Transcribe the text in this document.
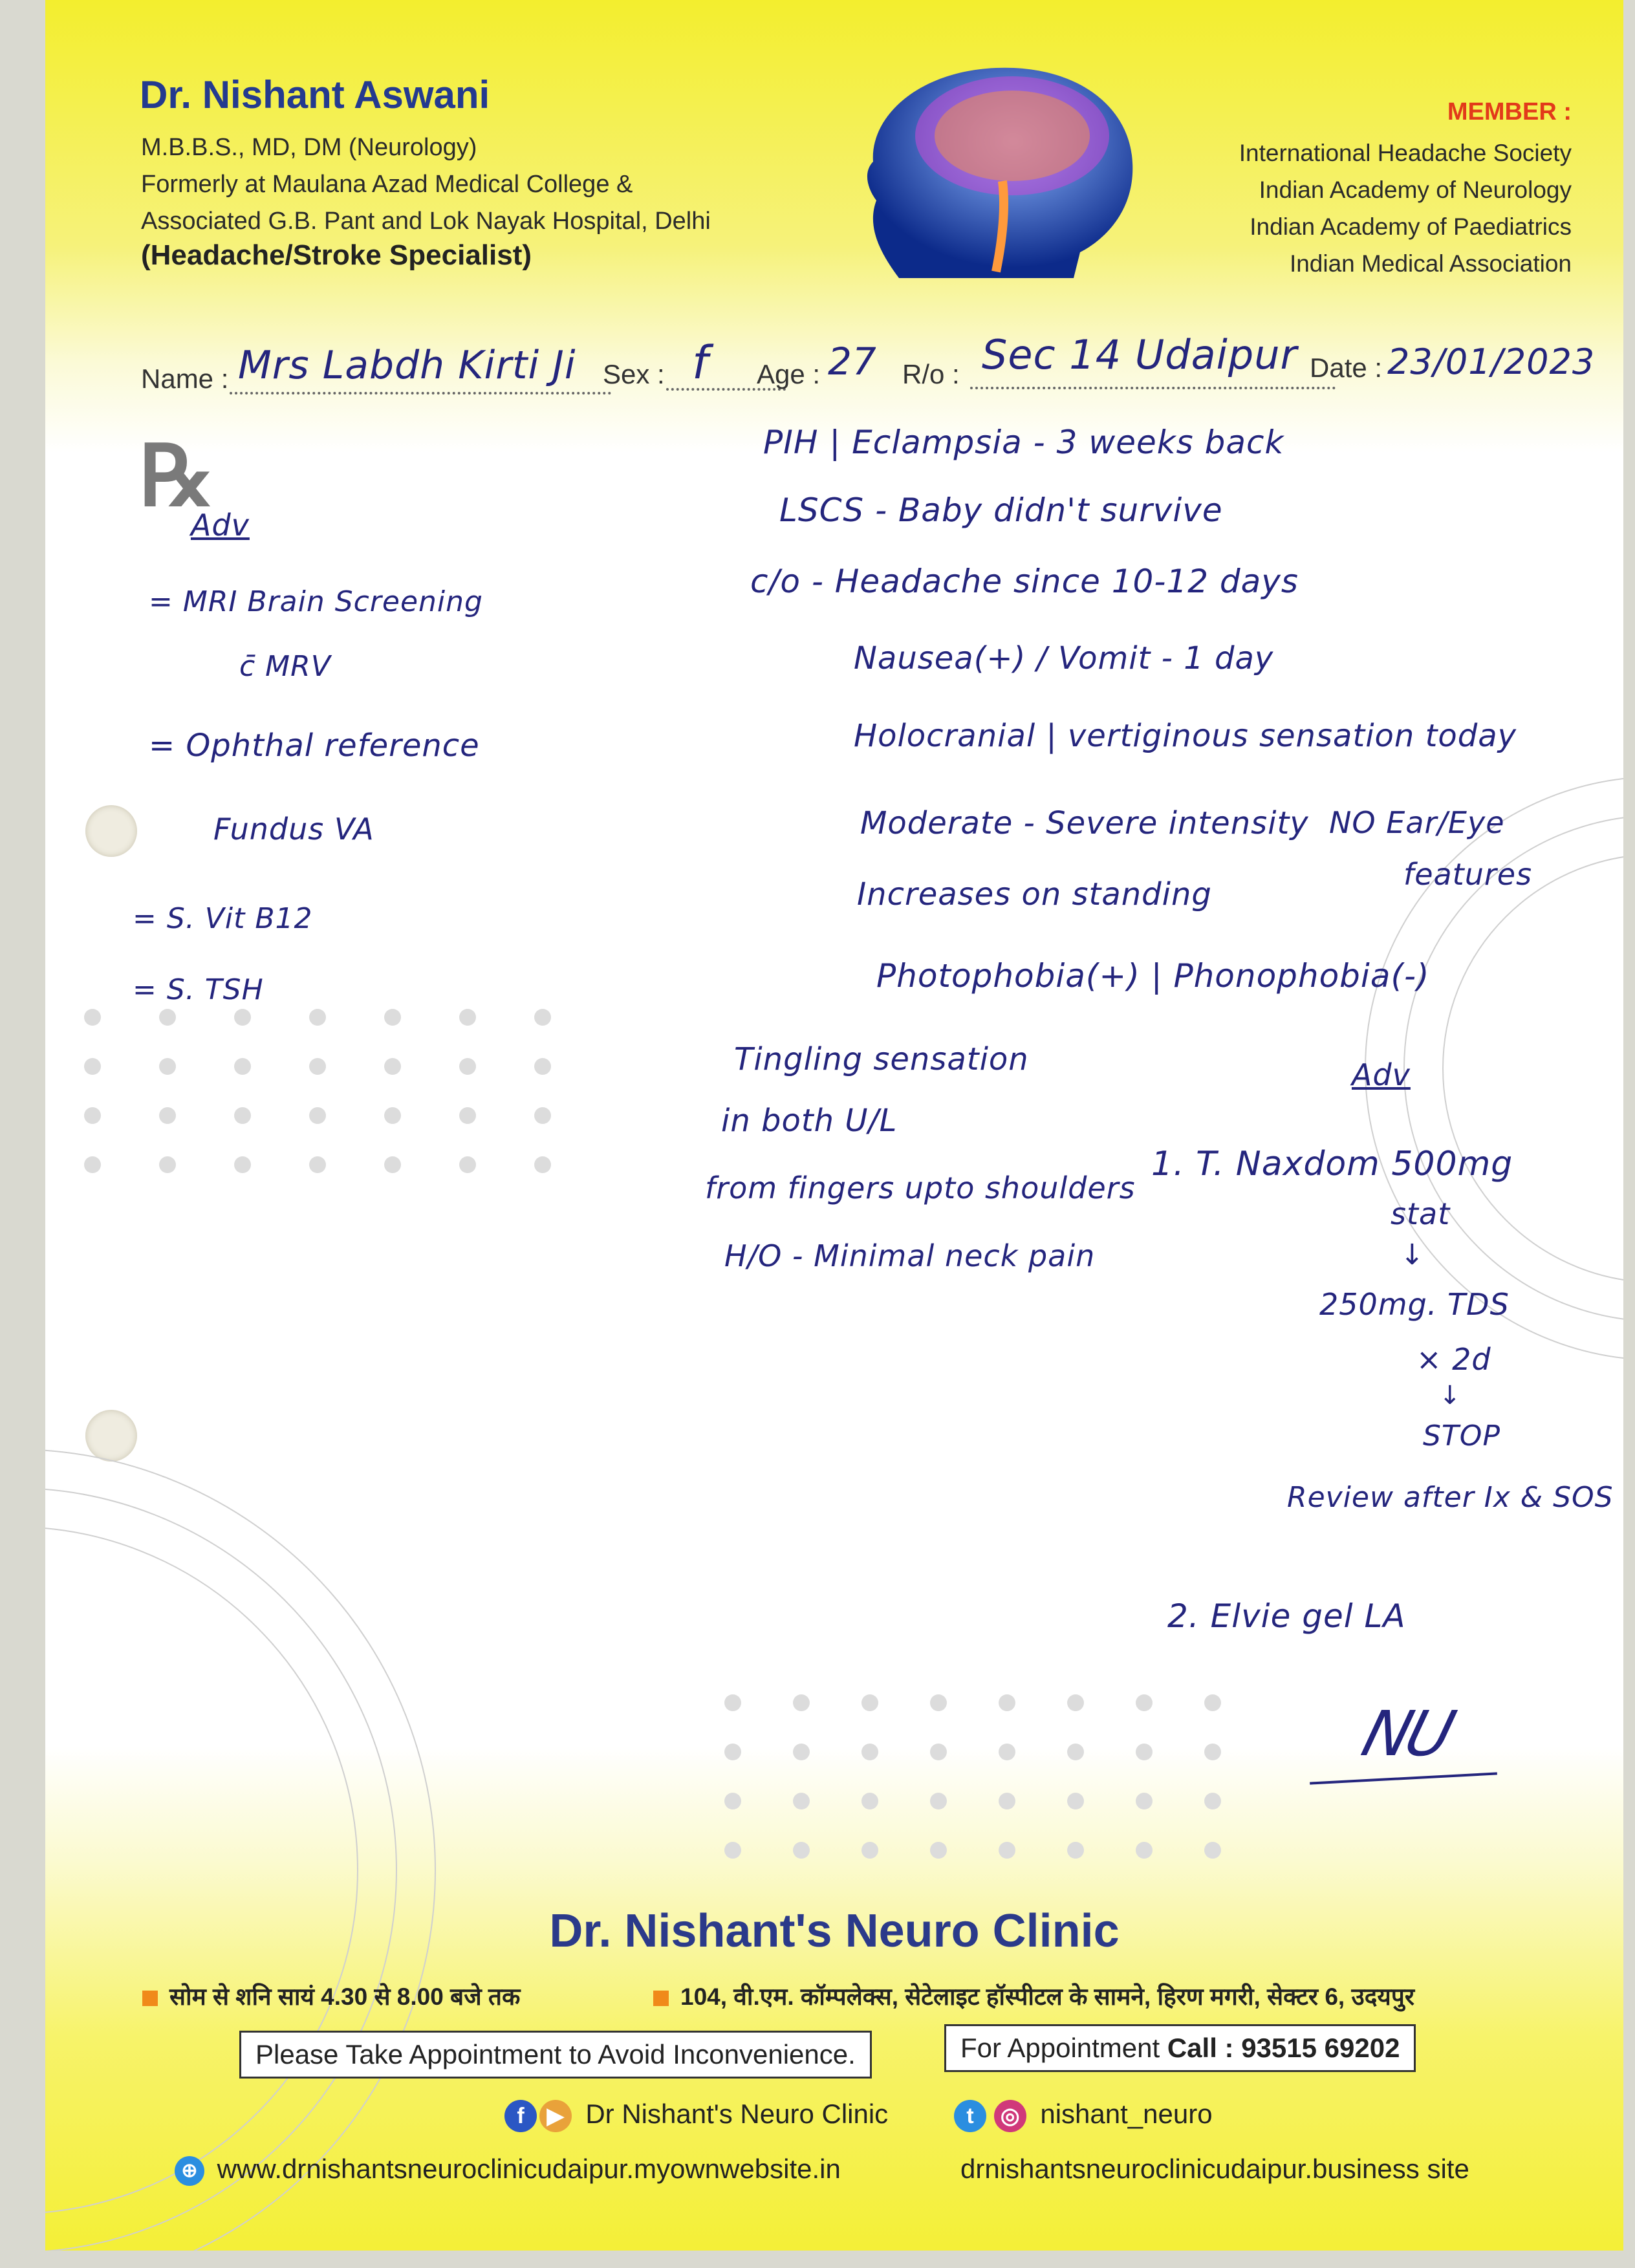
Dr. Nishant Aswani
M.B.B.S., MD, DM (Neurology)
Formerly at Maulana Azad Medical College &
Associated G.B. Pant and Lok Nayak Hospital, Delhi
(Headache/Stroke Specialist)
MEMBER :
International Headache Society
Indian Academy of Neurology
Indian Academy of Paediatrics
Indian Medical Association
Name : Mrs Labdh Kirti Ji Sex : f Age : 27 R/o : Sec 14 Udaipur Date : 23/01/2023
℞
Adv
= MRI Brain Screening
c̄ MRV
= Ophthal reference
Fundus VA
= S. Vit B12
= S. TSH
PIH | Eclampsia - 3 weeks back
LSCS - Baby didn't survive
c/o - Headache since 10-12 days
Nausea(+) / Vomit - 1 day
Holocranial | vertiginous sensation today
Moderate - Severe intensity
Increases on standing
Photophobia(+) | Phonophobia(-)
NO Ear/Eye
features
Tingling sensation
in both U/L
from fingers upto shoulders
H/O - Minimal neck pain
Adv
1. T. Naxdom 500mg
stat
↓
250mg. TDS
× 2d
↓
STOP
Review after Ix & SOS
2. Elvie gel LA
NU
Dr. Nishant's Neuro Clinic
सोम से शनि सायं 4.30 से 8.00 बजे तक	104, वी.एम. कॉम्पलेक्स, सेटेलाइट हॉस्पीटल के सामने, हिरण मगरी, सेक्टर 6, उदयपुर
Please Take Appointment to Avoid Inconvenience.	For Appointment Call : 93515 69202
f ▶ Dr Nishant's Neuro Clinic	t ◎ nishant_neuro
⊕ www.drnishantsneuroclinicudaipur.myownwebsite.in	drnishantsneuroclinicudaipur.business site
